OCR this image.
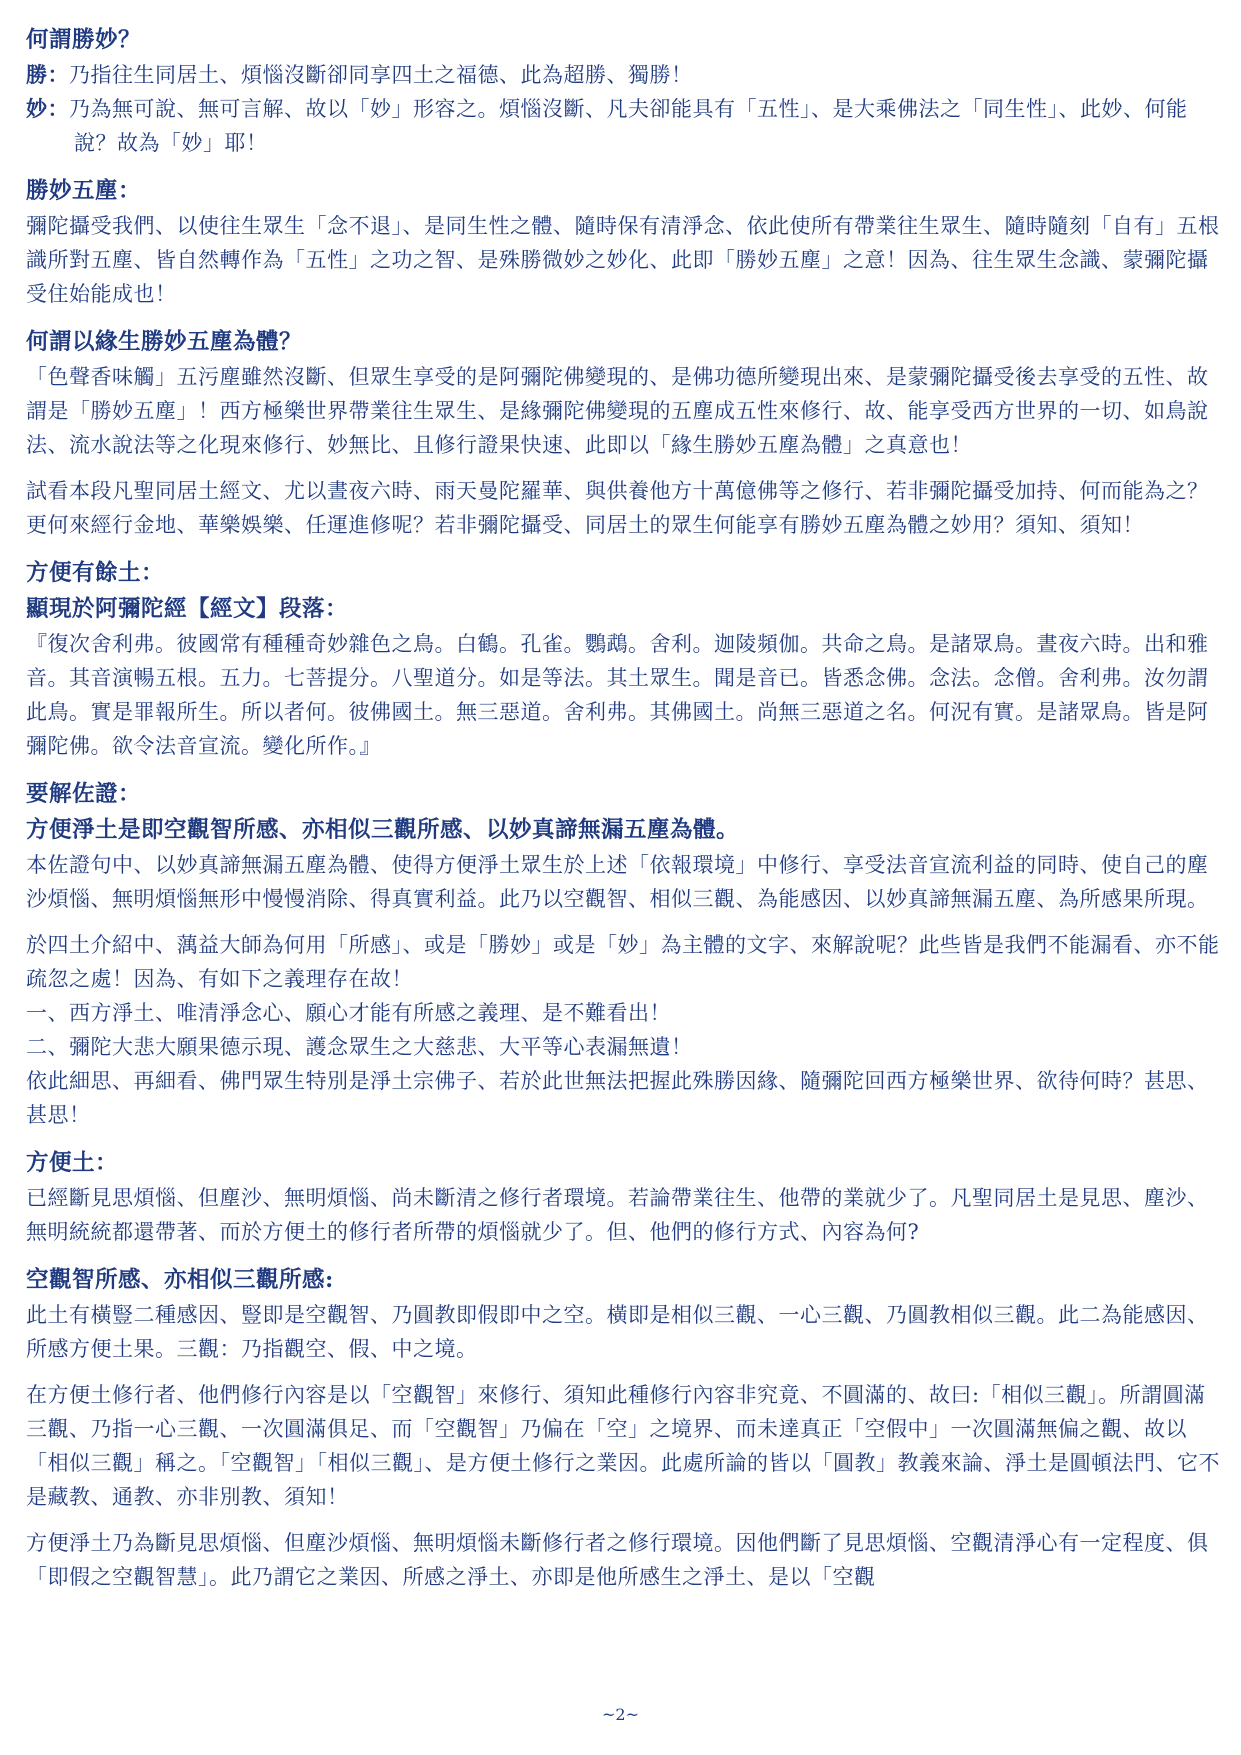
何謂勝妙？

勝：乃指往生同居土、煩惱沒斷卻同享四土之福德、此為超勝、獨勝！

妙：乃為無可說、無可言解、故以「妙」形容之。煩惱沒斷、凡夫卻能具有「五性」、是大乘佛法之「同生性」、此妙、何能說？故為「妙」耶！

勝妙五塵：

彌陀攝受我們、以使往生眾生「念不退」、是同生性之體、隨時保有清淨念、依此使所有帶業往生眾生、隨時隨刻「自有」五根識所對五塵、皆自然轉作為「五性」之功之智、是殊勝微妙之妙化、此即「勝妙五塵」之意！因為、往生眾生念識、蒙彌陀攝受住始能成也！

何謂以緣生勝妙五塵為體？

「色聲香味觸」五污塵雖然沒斷、但眾生享受的是阿彌陀佛變現的、是佛功德所變現出來、是蒙彌陀攝受後去享受的五性、故謂是「勝妙五塵」！西方極樂世界帶業往生眾生、是緣彌陀佛變現的五塵成五性來修行、故、能享受西方世界的一切、如鳥說法、流水說法等之化現來修行、妙無比、且修行證果快速、此即以「緣生勝妙五塵為體」之真意也！

試看本段凡聖同居土經文、尤以晝夜六時、雨天曼陀羅華、與供養他方十萬億佛等之修行、若非彌陀攝受加持、何而能為之？更何來經行金地、華樂娛樂、任運進修呢？若非彌陀攝受、同居土的眾生何能享有勝妙五塵為體之妙用？須知、須知！

方便有餘土：

顯現於阿彌陀經【經文】段落：

『復次舍利弗。彼國常有種種奇妙雜色之鳥。白鶴。孔雀。鸚鵡。舍利。迦陵頻伽。共命之鳥。是諸眾鳥。晝夜六時。出和雅音。其音演暢五根。五力。七菩提分。八聖道分。如是等法。其土眾生。聞是音已。皆悉念佛。念法。念僧。舍利弗。汝勿謂此鳥。實是罪報所生。所以者何。彼佛國土。無三惡道。舍利弗。其佛國土。尚無三惡道之名。何況有實。是諸眾鳥。皆是阿彌陀佛。欲令法音宣流。變化所作。』

要解佐證：

方便淨土是即空觀智所感、亦相似三觀所感、以妙真諦無漏五塵為體。

本佐證句中、以妙真諦無漏五塵為體、使得方便淨土眾生於上述「依報環境」中修行、享受法音宣流利益的同時、使自己的塵沙煩惱、無明煩惱無形中慢慢消除、得真實利益。此乃以空觀智、相似三觀、為能感因、以妙真諦無漏五塵、為所感果所現。

於四土介紹中、蕅益大師為何用「所感」、或是「勝妙」或是「妙」為主體的文字、來解說呢？此些皆是我們不能漏看、亦不能疏忽之處！因為、有如下之義理存在故！

一、西方淨土、唯清淨念心、願心才能有所感之義理、是不難看出！

二、彌陀大悲大願果德示現、護念眾生之大慈悲、大平等心表漏無遺！

依此細思、再細看、佛門眾生特別是淨土宗佛子、若於此世無法把握此殊勝因緣、隨彌陀回西方極樂世界、欲待何時？甚思、甚思！

方便土：

已經斷見思煩惱、但塵沙、無明煩惱、尚未斷清之修行者環境。若論帶業往生、他帶的業就少了。凡聖同居土是見思、塵沙、無明統統都還帶著、而於方便土的修行者所帶的煩惱就少了。但、他們的修行方式、內容為何?

空觀智所感、亦相似三觀所感:

此土有橫豎二種感因、豎即是空觀智、乃圓教即假即中之空。橫即是相似三觀、一心三觀、乃圓教相似三觀。此二為能感因、所感方便土果。三觀：乃指觀空、假、中之境。

在方便土修行者、他們修行內容是以「空觀智」來修行、須知此種修行內容非究竟、不圓滿的、故曰:「相似三觀」。所謂圓滿三觀、乃指一心三觀、一次圓滿俱足、而「空觀智」乃偏在「空」之境界、而未達真正「空假中」一次圓滿無偏之觀、故以「相似三觀」稱之。「空觀智」「相似三觀」、是方便土修行之業因。此處所論的皆以「圓教」教義來論、淨土是圓頓法門、它不是藏教、通教、亦非別教、須知！

方便淨土乃為斷見思煩惱、但塵沙煩惱、無明煩惱未斷修行者之修行環境。因他們斷了見思煩惱、空觀清淨心有一定程度、俱「即假之空觀智慧」。此乃謂它之業因、所感之淨土、亦即是他所感生之淨土、是以「空觀

~2~
